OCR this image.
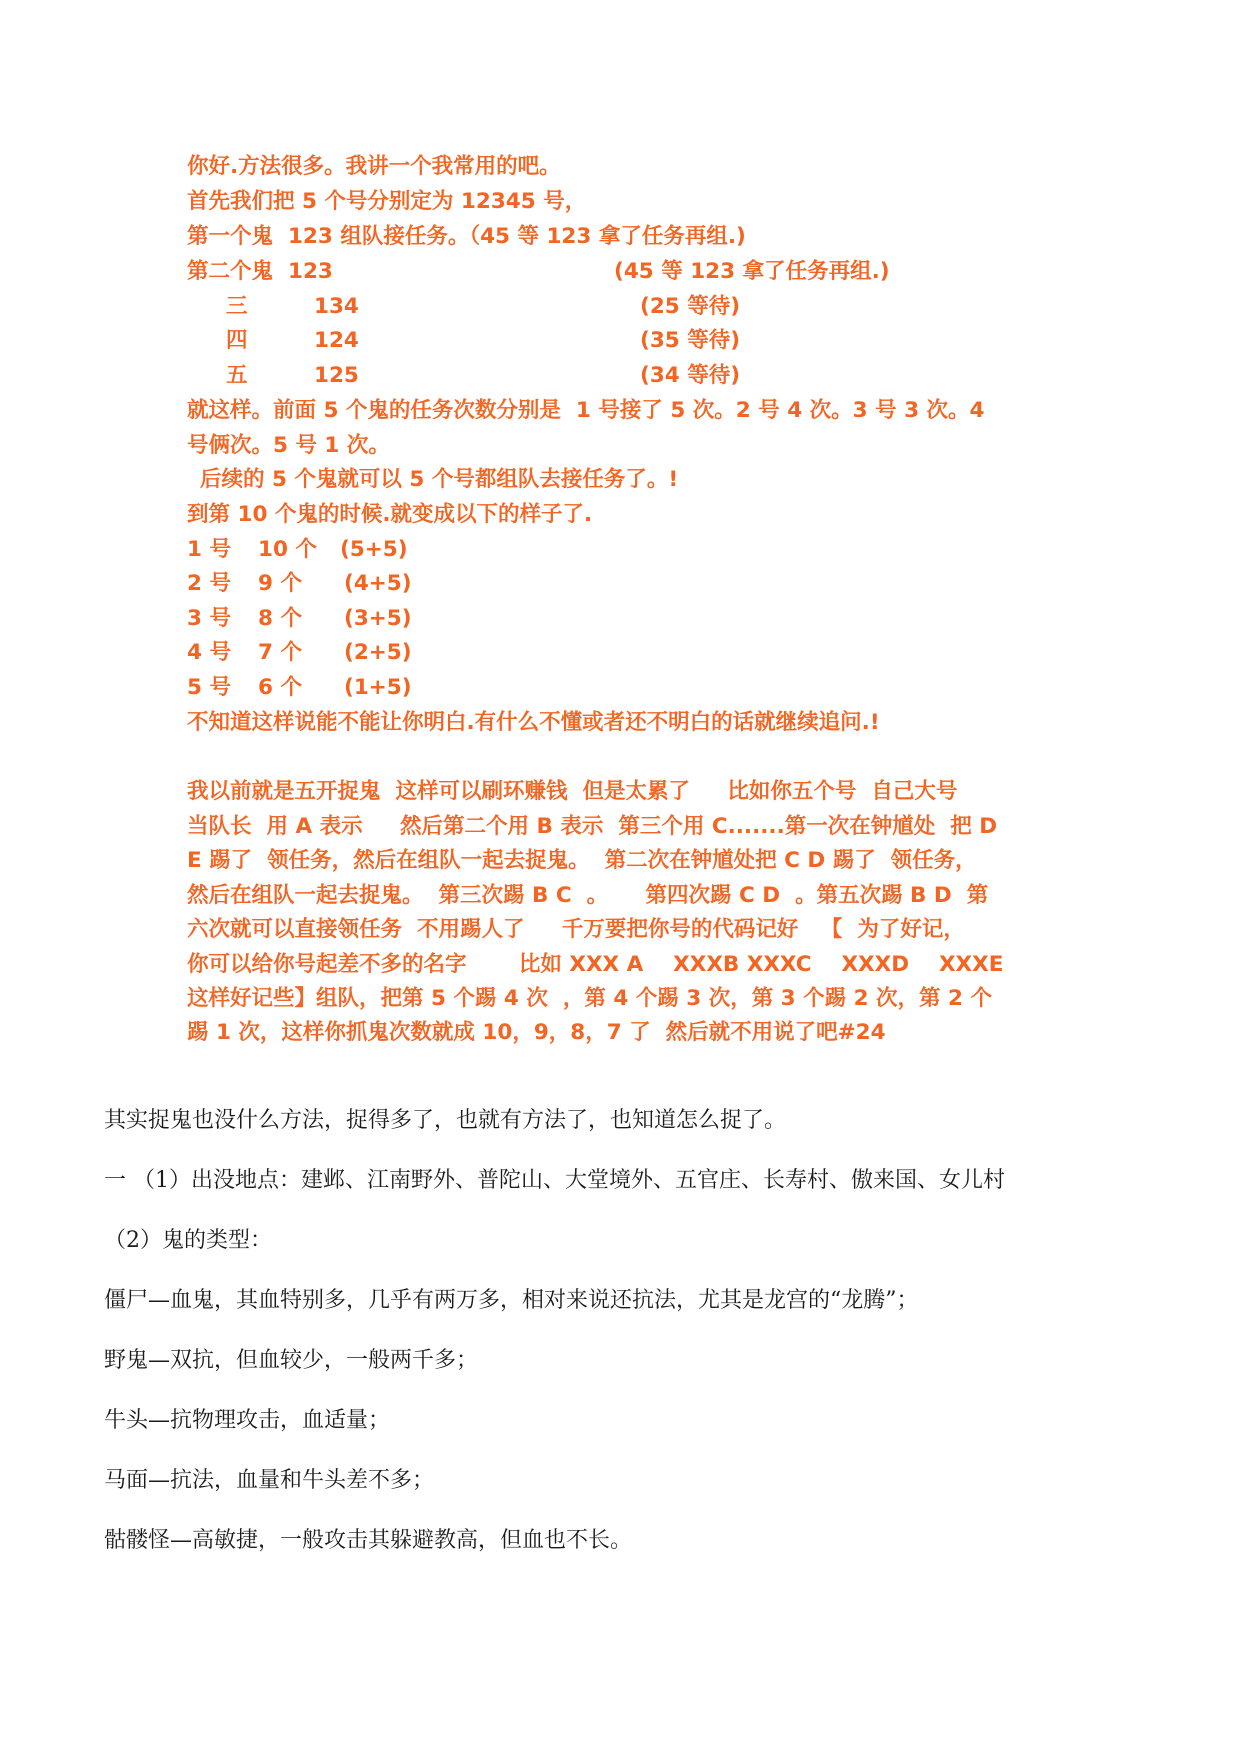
你好.方法很多。我讲一个我常用的吧。
首先我们把 5 个号分别定为 12345 号，
第一个鬼  123 组队接任务。（45 等 123 拿了任务再组.)
第二个鬼 123	(45 等 123 拿了任务再组.)
三	134	(25 等待)
四	124	(35 等待)
五	125	(34 等待)
就这样。前面 5 个鬼的任务次数分别是  1 号接了 5 次。2 号 4 次。3 号 3 次。4
号俩次。5 号 1 次。
后续的 5 个鬼就可以 5 个号都组队去接任务了。!
到第 10 个鬼的时候.就变成以下的样子了.
1 号 10 个 (5+5)
2 号 9 个 (4+5)
3 号 8 个 (3+5)
4 号 7 个 (2+5)
5 号 6 个 (1+5)
不知道这样说能不能让你明白.有什么不懂或者还不明白的话就继续追问.!
我以前就是五开捉鬼  这样可以刷环赚钱  但是太累了     比如你五个号  自己大号
当队长  用 A 表示     然后第二个用 B 表示  第三个用 C.......第一次在钟馗处  把 D
E 踢了  领任务，然后在组队一起去捉鬼。  第二次在钟馗处把 C D 踢了  领任务，
然后在组队一起去捉鬼。  第三次踢 B C  。     第四次踢 C D  。第五次踢 B D  第
六次就可以直接领任务  不用踢人了     千万要把你号的代码记好   【  为了好记，
你可以给你号起差不多的名字       比如 XXX A    XXXB XXXC    XXXD    XXXE
这样好记些】组队，把第 5 个踢 4 次  ，第 4 个踢 3 次，第 3 个踢 2 次，第 2 个
踢 1 次，这样你抓鬼次数就成 10，9，8，7 了  然后就不用说了吧#24
其实捉鬼也没什么方法，捉得多了，也就有方法了，也知道怎么捉了。
一 （1）出没地点：建邺、江南野外、普陀山、大堂境外、五官庄、长寿村、傲来国、女儿村
（2）鬼的类型：
僵尸—血鬼，其血特别多，几乎有两万多，相对来说还抗法，尤其是龙宫的“龙腾”；
野鬼—双抗，但血较少，一般两千多；
牛头—抗物理攻击，血适量；
马面—抗法，血量和牛头差不多；
骷髅怪—高敏捷，一般攻击其躲避教高，但血也不长。
